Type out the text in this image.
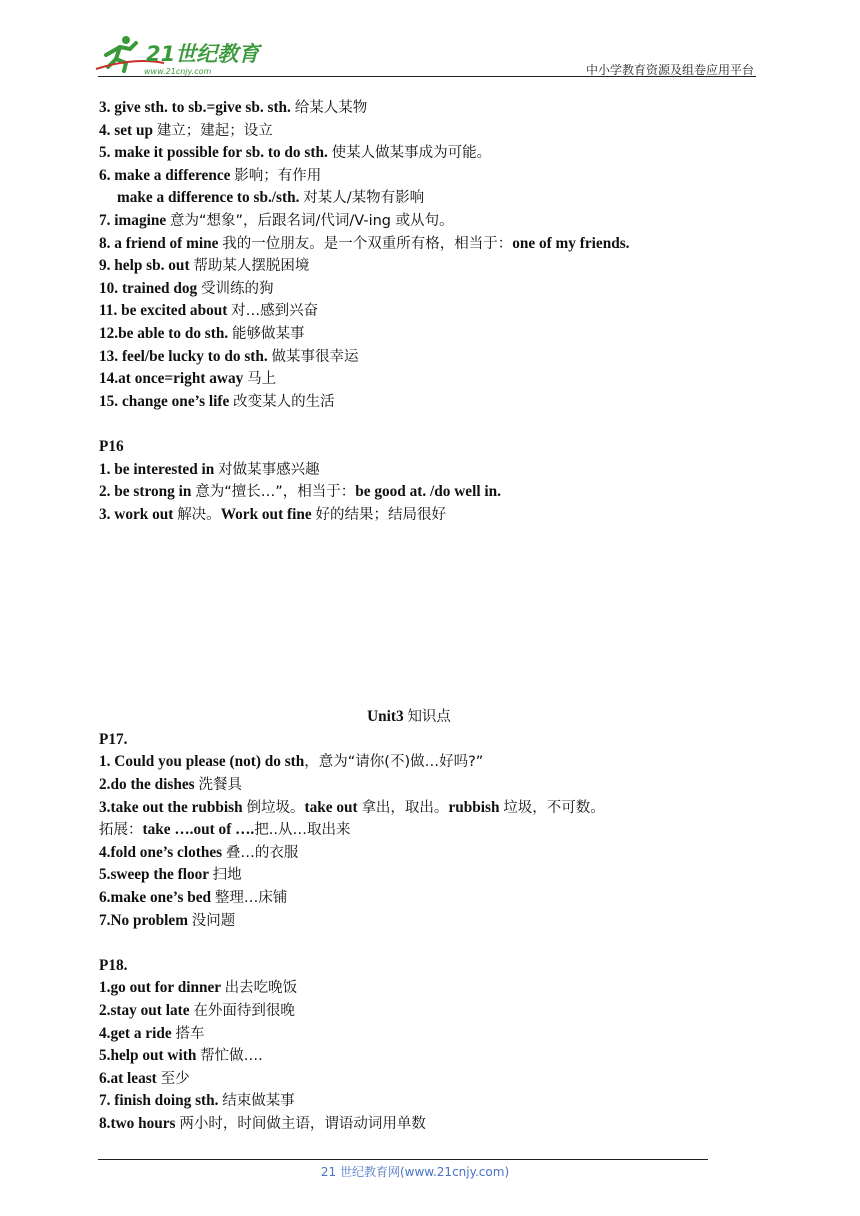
21世纪教育
www.21cnjy.com	中小学教育资源及组卷应用平台
3. give sth. to sb.=give sb. sth. 给某人某物
4. set up 建立；建起；设立
5. make it possible for sb. to do sth. 使某人做某事成为可能。
6. make a difference 影响；有作用
make a difference to sb./sth. 对某人/某物有影响
7. imagine 意为“想象”，后跟名词/代词/V-ing 或从句。
8. a friend of mine 我的一位朋友。是一个双重所有格，相当于：one of my friends.
9. help sb. out 帮助某人摆脱困境
10. trained dog 受训练的狗
11. be excited about 对…感到兴奋
12.be able to do sth. 能够做某事
13. feel/be lucky to do sth. 做某事很幸运
14.at once=right away 马上
15. change one’s life 改变某人的生活
P16
1. be interested in 对做某事感兴趣
2. be strong in 意为“擅长…”，相当于：be good at. /do well in.
3. work out 解决。Work out fine 好的结果；结局很好
Unit3 知识点
P17.
1. Could you please (not) do sth，意为“请你(不)做…好吗?”
2.do the dishes 洗餐具
3.take out the rubbish 倒垃圾。take out 拿出，取出。rubbish 垃圾，不可数。
拓展：take ….out of ….把..从…取出来
4.fold one’s clothes 叠…的衣服
5.sweep the floor 扫地
6.make one’s bed 整理…床铺
7.No problem 没问题
P18.
1.go out for dinner 出去吃晚饭
2.stay out late 在外面待到很晚
4.get a ride 搭车
5.help out with 帮忙做….
6.at least 至少
7. finish doing sth. 结束做某事
8.two hours 两小时，时间做主语，谓语动词用单数
21 世纪教育网(www.21cnjy.com)
